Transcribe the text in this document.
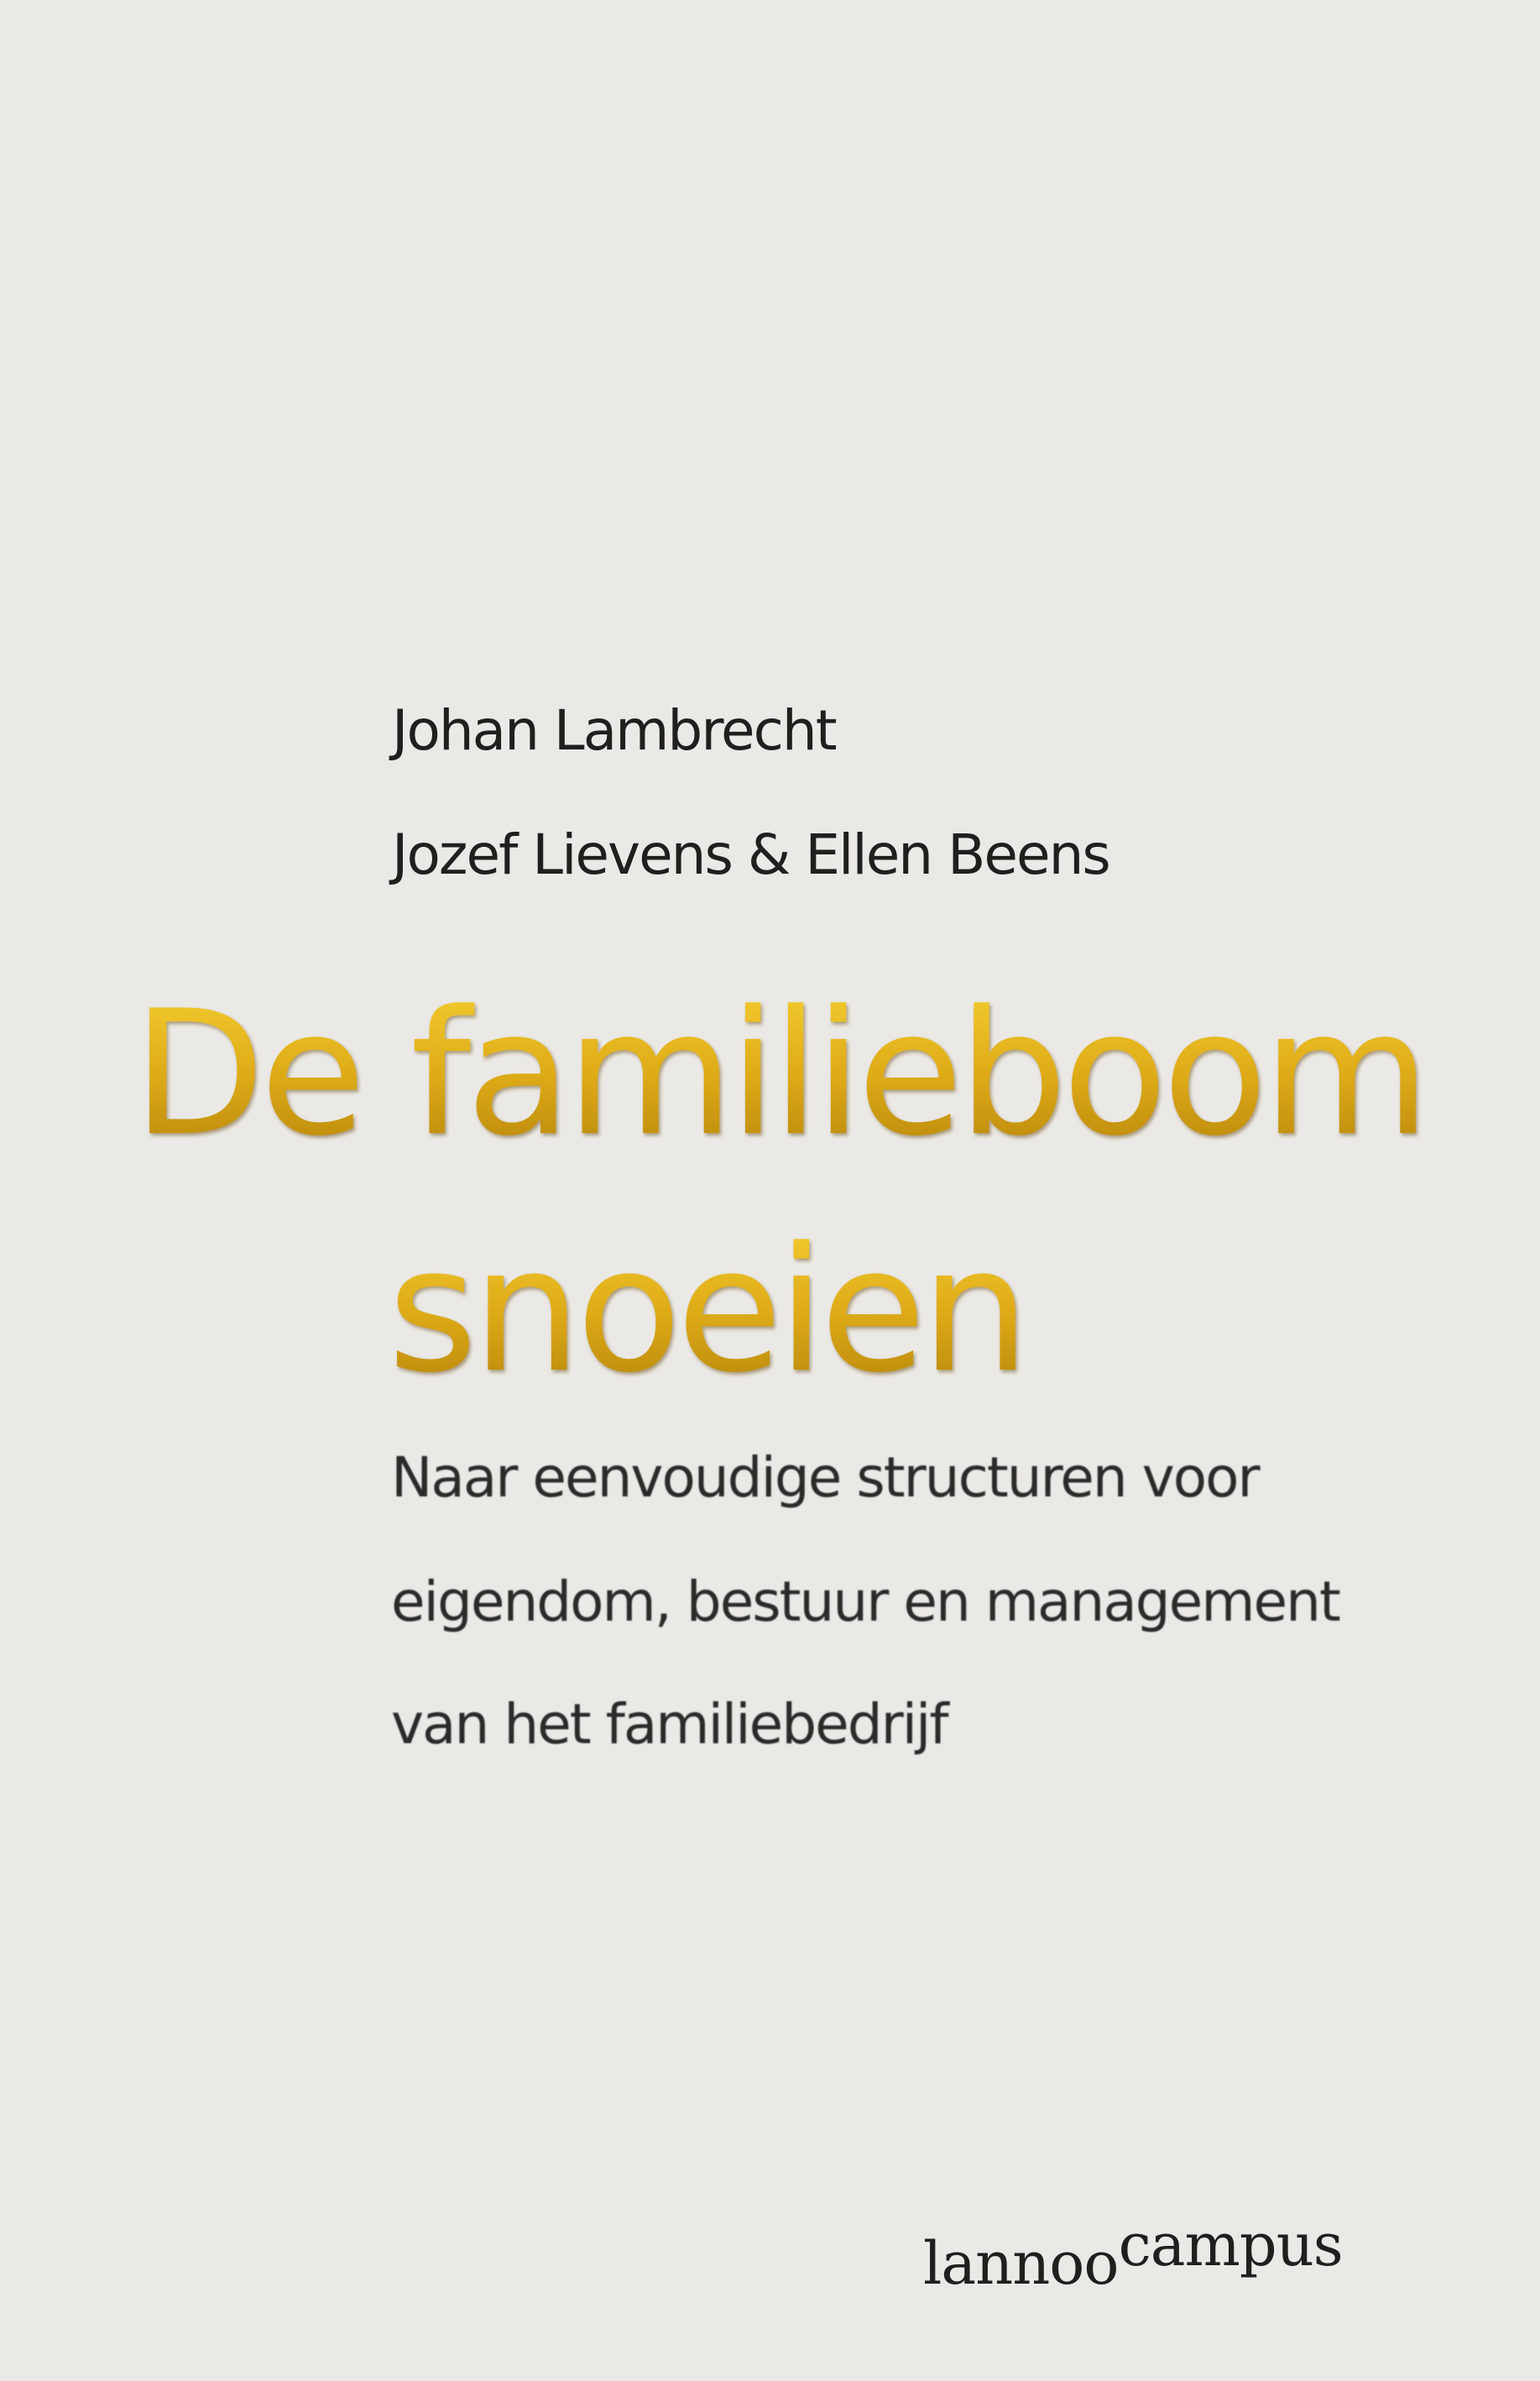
Johan Lambrecht
Jozef Lievens & Ellen Beens
De familieboom
snoeien
Naar eenvoudige structuren voor
eigendom, bestuur en management
van het familiebedrijf
lannoocampus
